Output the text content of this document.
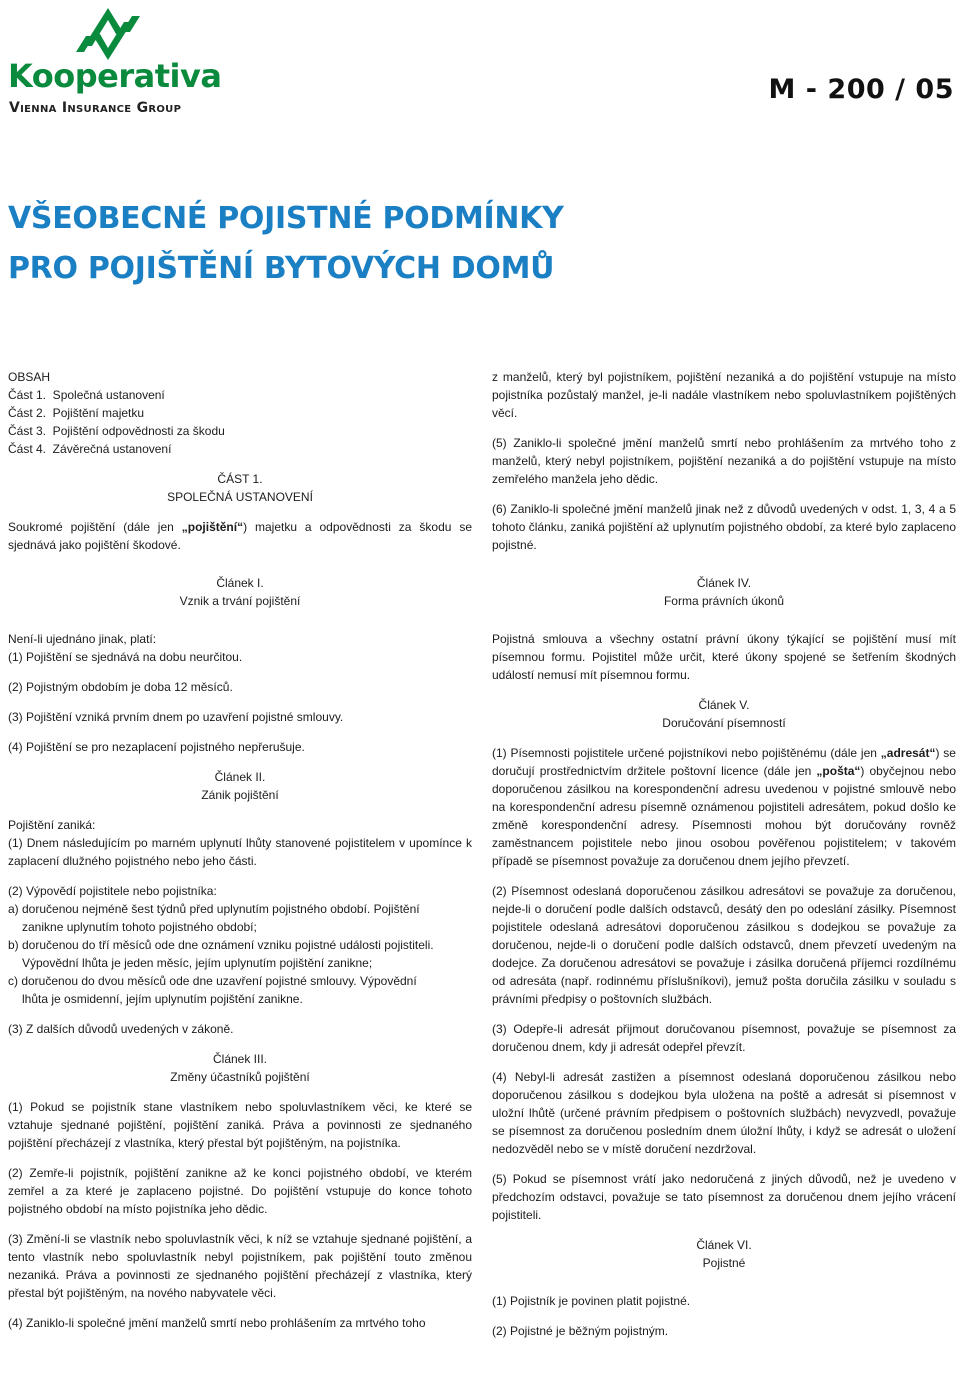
Kooperativa
Vienna Insurance Group
M - 200 / 05
VŠEOBECNÉ POJISTNÉ PODMÍNKY
PRO POJIŠTĚNÍ BYTOVÝCH DOMŮ

OBSAH

Část 1.  Společná ustanovení

Část 2.  Pojištění majetku

Část 3.  Pojištění odpovědnosti za škodu

Část 4.  Závěrečná ustanovení

ČÁST 1.

SPOLEČNÁ USTANOVENÍ

Soukromé pojištění (dále jen „pojištění“) majetku a odpovědnosti za škodu se sjednává jako pojištění škodové.

Článek I.

Vznik a trvání pojištění

Není-li ujednáno jinak, platí:

(1) Pojištění se sjednává na dobu neurčitou.

(2) Pojistným obdobím je doba 12 měsíců.

(3) Pojištění vzniká prvním dnem po uzavření pojistné smlouvy.

(4) Pojištění se pro nezaplacení pojistného nepřerušuje.

Článek II.

Zánik pojištění

Pojištění zaniká:

(1) Dnem následujícím po marném uplynutí lhůty stanovené pojistitelem v upomínce k zaplacení dlužného pojistného nebo jeho části.

(2) Výpovědí pojistitele nebo pojistníka:

a) doručenou nejméně šest týdnů před uplynutím pojistného období. Pojištění

zanikne uplynutím tohoto pojistného období;

b) doručenou do tří měsíců ode dne oznámení vzniku pojistné události pojistiteli.

Výpovědní lhůta je jeden měsíc, jejím uplynutím pojištění zanikne;

c) doručenou do dvou měsíců ode dne uzavření pojistné smlouvy. Výpovědní

lhůta je osmidenní, jejím uplynutím pojištění zanikne.

(3) Z dalších důvodů uvedených v zákoně.

Článek III.

Změny účastníků pojištění

(1) Pokud se pojistník stane vlastníkem nebo spoluvlastníkem věci, ke které se vztahuje sjednané pojištění, pojištění zaniká. Práva a povinnosti ze sjednaného pojištění přecházejí z vlastníka, který přestal být pojištěným, na pojistníka.

(2) Zemře-li pojistník, pojištění zanikne až ke konci pojistného období, ve kterém zemřel a za které je zaplaceno pojistné. Do pojištění vstupuje do konce tohoto pojistného období na místo pojistníka jeho dědic.

(3) Změní-li se vlastník nebo spoluvlastník věci, k níž se vztahuje sjednané pojištění, a tento vlastník nebo spoluvlastník nebyl pojistníkem, pak pojištění touto změnou nezaniká. Práva a povinnosti ze sjednaného pojištění přecházejí z vlastníka, který přestal být pojištěným, na nového nabyvatele věci.

(4) Zaniklo-li společné jmění manželů smrtí nebo prohlášením za mrtvého toho

z manželů, který byl pojistníkem, pojištění nezaniká a do pojištění vstupuje na místo pojistníka pozůstalý manžel, je-li nadále vlastníkem nebo spoluvlastníkem pojištěných věcí.

(5) Zaniklo-li společné jmění manželů smrtí nebo prohlášením za mrtvého toho z manželů, který nebyl pojistníkem, pojištění nezaniká a do pojištění vstupuje na místo zemřelého manžela jeho dědic.

(6) Zaniklo-li společné jmění manželů jinak než z důvodů uvedených v odst. 1, 3, 4 a 5 tohoto článku, zaniká pojištění až uplynutím pojistného období, za které bylo zaplaceno pojistné.

Článek IV.

Forma právních úkonů

Pojistná smlouva a všechny ostatní právní úkony týkající se pojištění musí mít písemnou formu. Pojistitel může určit, které úkony spojené se šetřením škodných událostí nemusí mít písemnou formu.

Článek V.

Doručování písemností

(1) Písemnosti pojistitele určené pojistníkovi nebo pojištěnému (dále jen „adresát“) se doručují prostřednictvím držitele poštovní licence (dále jen „pošta“) obyčejnou nebo doporučenou zásilkou na korespondenční adresu uvedenou v pojistné smlouvě nebo na korespondenční adresu písemně oznámenou pojistiteli adresátem, pokud došlo ke změně korespondenční adresy. Písemnosti mohou být doručovány rovněž zaměstnancem pojistitele nebo jinou osobou pověřenou pojistitelem; v takovém případě se písemnost považuje za doručenou dnem jejího převzetí.

(2) Písemnost odeslaná doporučenou zásilkou adresátovi se považuje za doručenou, nejde-li o doručení podle dalších odstavců, desátý den po odeslání zásilky. Písemnost pojistitele odeslaná adresátovi doporučenou zásilkou s dodejkou se považuje za doručenou, nejde-li o doručení podle dalších odstavců, dnem převzetí uvedeným na dodejce. Za doručenou adresátovi se považuje i zásilka doručená příjemci rozdílnému od adresáta (např. rodinnému příslušníkovi), jemuž pošta doručila zásilku v souladu s právními předpisy o poštovních službách.

(3) Odepře-li adresát přijmout doručovanou písemnost, považuje se písemnost za doručenou dnem, kdy ji adresát odepřel převzít.

(4) Nebyl-li adresát zastižen a písemnost odeslaná doporučenou zásilkou nebo doporučenou zásilkou s dodejkou byla uložena na poště a adresát si písemnost v uložní lhůtě (určené právním předpisem o poštovních službách) nevyzvedl, považuje se písemnost za doručenou posledním dnem úložní lhůty, i když se adresát o uložení nedozvěděl nebo se v místě doručení nezdržoval.

(5) Pokud se písemnost vrátí jako nedoručená z jiných důvodů, než je uvedeno v předchozím odstavci, považuje se tato písemnost za doručenou dnem jejího vrácení pojistiteli.

Článek VI.

Pojistné

(1) Pojistník je povinen platit pojistné.

(2) Pojistné je běžným pojistným.
